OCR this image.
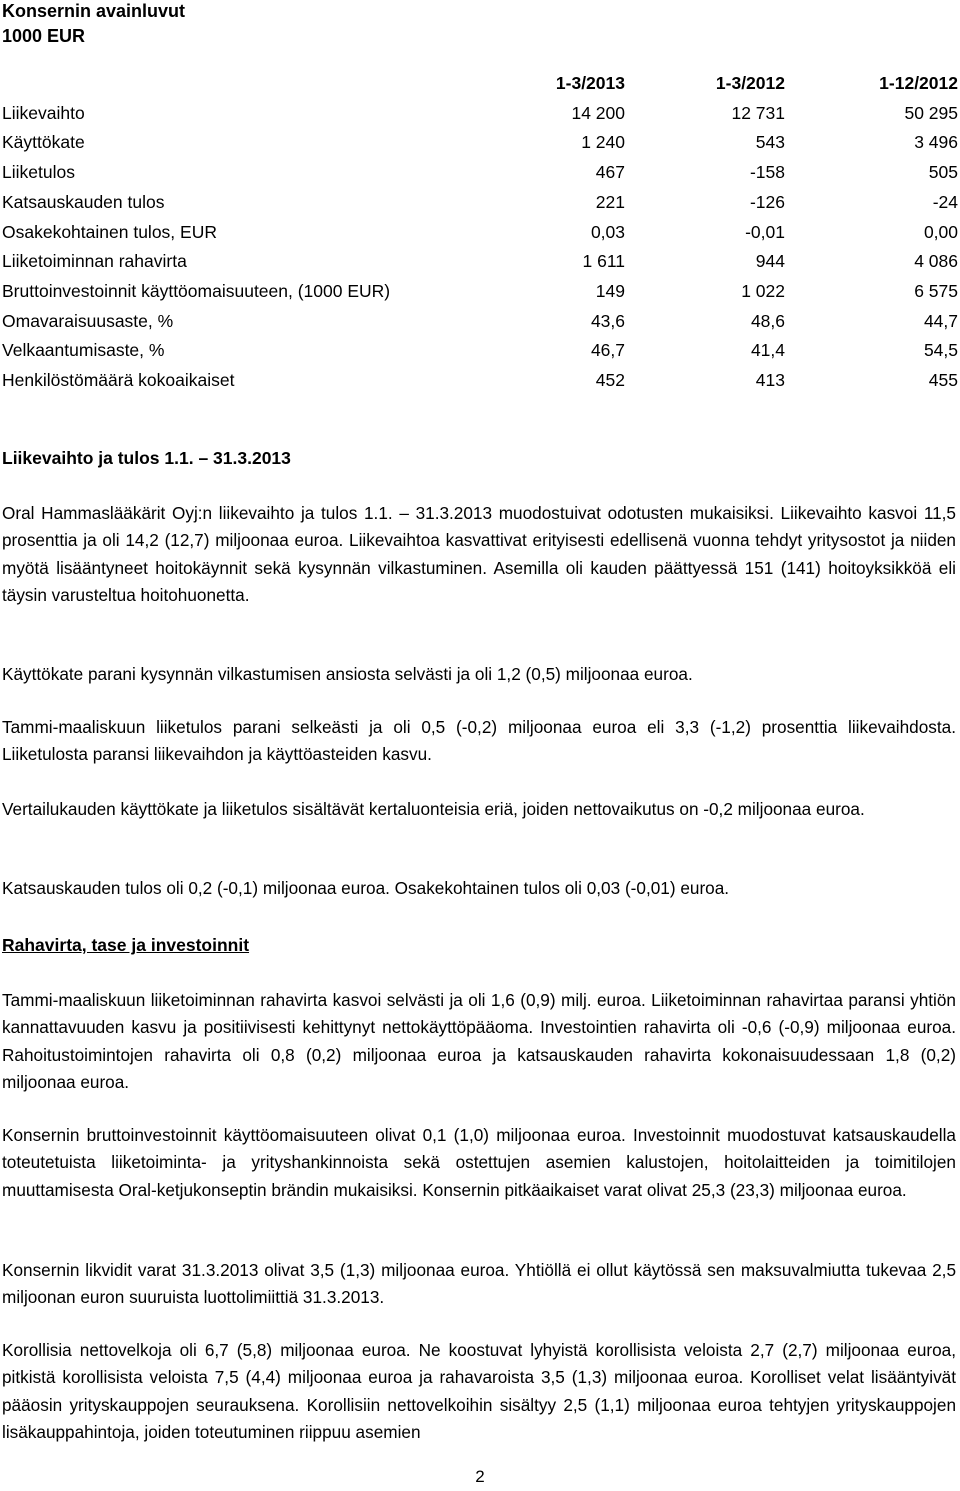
Konsernin avainluvut
1000 EUR
	1-3/2013	1-3/2012	1-12/2012
Liikevaihto	14 200	12 731	50 295
Käyttökate	1 240	543	3 496
Liiketulos	467	-158	505
Katsauskauden tulos	221	-126	-24
Osakekohtainen tulos, EUR	0,03	-0,01	0,00
Liiketoiminnan rahavirta	1 611	944	4 086
Bruttoinvestoinnit käyttöomaisuuteen, (1000 EUR)	149	1 022	6 575
Omavaraisuusaste, %	43,6	48,6	44,7
Velkaantumisaste, %	46,7	41,4	54,5
Henkilöstömäärä kokoaikaiset	452	413	455
Liikevaihto ja tulos 1.1. – 31.3.2013
Oral Hammaslääkärit Oyj:n liikevaihto ja tulos 1.1. – 31.3.2013 muodostuivat odotusten mukaisiksi. Liikevaihto kasvoi 11,5 prosenttia ja oli 14,2 (12,7) miljoonaa euroa. Liikevaihtoa kasvattivat erityisesti edellisenä vuonna tehdyt yritysostot ja niiden myötä lisääntyneet hoitokäynnit sekä kysynnän vilkastuminen. Asemilla oli kauden päättyessä 151 (141) hoitoyksikköä eli täysin varusteltua hoitohuonetta.
Käyttökate parani kysynnän vilkastumisen ansiosta selvästi ja oli 1,2 (0,5) miljoonaa euroa.
Tammi-maaliskuun liiketulos parani selkeästi ja oli 0,5 (-0,2) miljoonaa euroa eli 3,3 (-1,2) prosenttia liikevaihdosta. Liiketulosta paransi liikevaihdon ja käyttöasteiden kasvu.
Vertailukauden käyttökate ja liiketulos sisältävät kertaluonteisia eriä, joiden nettovaikutus on -0,2 miljoonaa euroa.
Katsauskauden tulos oli 0,2 (-0,1) miljoonaa euroa. Osakekohtainen tulos oli 0,03 (-0,01) euroa.
Rahavirta, tase ja investoinnit
Tammi-maaliskuun liiketoiminnan rahavirta kasvoi selvästi ja oli 1,6 (0,9) milj. euroa. Liiketoiminnan rahavirtaa paransi yhtiön kannattavuuden kasvu ja positiivisesti kehittynyt nettokäyttöpääoma. Investointien rahavirta oli -0,6 (-0,9) miljoonaa euroa. Rahoitustoimintojen rahavirta oli 0,8 (0,2) miljoonaa euroa ja katsauskauden rahavirta kokonaisuudessaan 1,8 (0,2) miljoonaa euroa.
Konsernin bruttoinvestoinnit käyttöomaisuuteen olivat 0,1 (1,0) miljoonaa euroa. Investoinnit muodostuvat katsauskaudella toteutetuista liiketoiminta- ja yrityshankinnoista sekä ostettujen asemien kalustojen, hoitolaitteiden ja toimitilojen muuttamisesta Oral-ketjukonseptin brändin mukaisiksi. Konsernin pitkäaikaiset varat olivat 25,3 (23,3) miljoonaa euroa.
Konsernin likvidit varat 31.3.2013 olivat 3,5 (1,3) miljoonaa euroa. Yhtiöllä ei ollut käytössä sen maksuvalmiutta tukevaa 2,5 miljoonan euron suuruista luottolimiittiä 31.3.2013.
Korollisia nettovelkoja oli 6,7 (5,8) miljoonaa euroa. Ne koostuvat lyhyistä korollisista veloista 2,7 (2,7) miljoonaa euroa, pitkistä korollisista veloista 7,5 (4,4) miljoonaa euroa ja rahavaroista 3,5 (1,3) miljoonaa euroa. Korolliset velat lisääntyivät pääosin yrityskauppojen seurauksena. Korollisiin nettovelkoihin sisältyy 2,5 (1,1) miljoonaa euroa tehtyjen yrityskauppojen lisäkauppahintoja, joiden toteutuminen riippuu asemien
2
